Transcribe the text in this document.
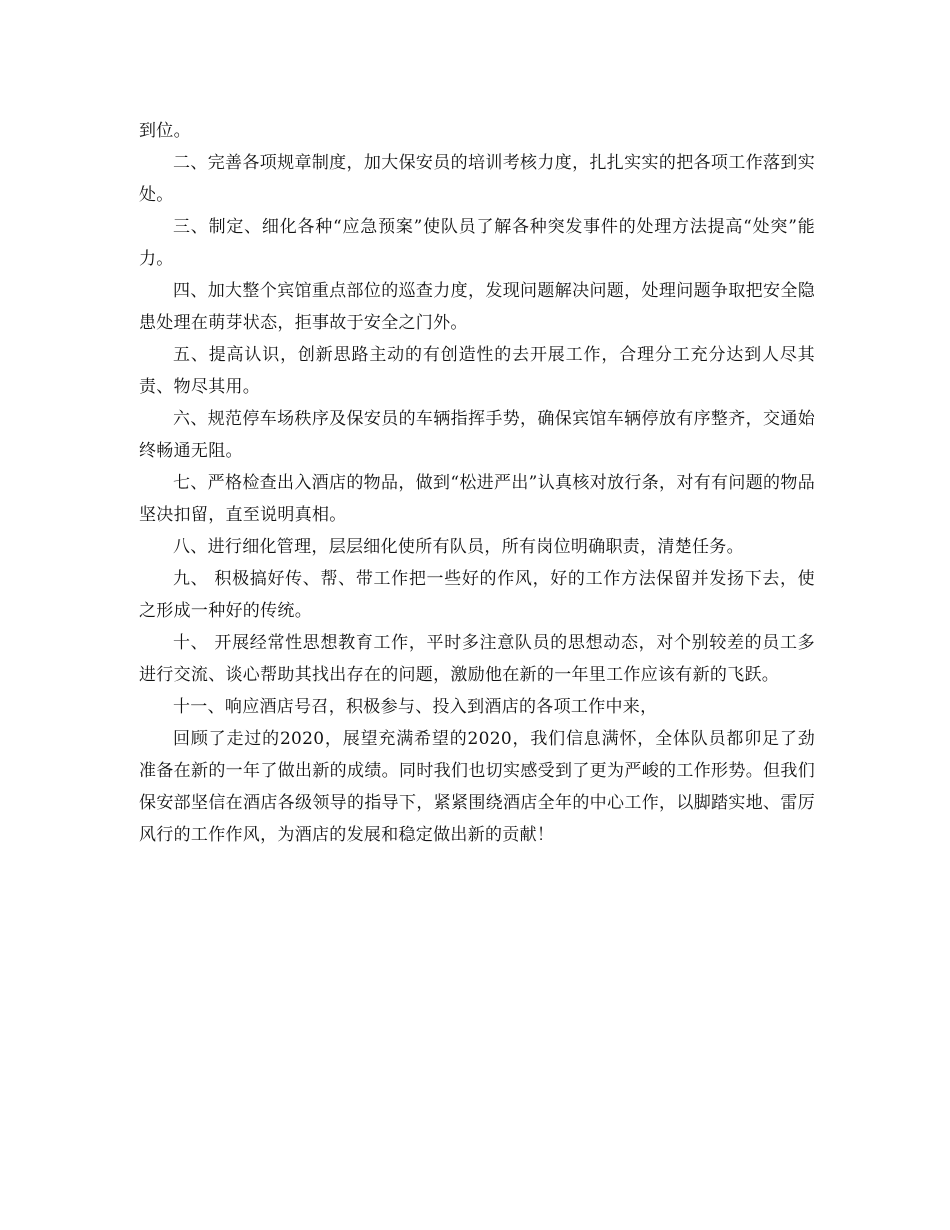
到位。

二、完善各项规章制度，加大保安员的培训考核力度，扎扎实实的把各项工作落到实处。

三、制定、细化各种“应急预案”使队员了解各种突发事件的处理方法提高“处突”能力。

四、加大整个宾馆重点部位的巡查力度，发现问题解决问题，处理问题争取把安全隐患处理在萌芽状态，拒事故于安全之门外。

五、提高认识，创新思路主动的有创造性的去开展工作，合理分工充分达到人尽其责、物尽其用。

六、规范停车场秩序及保安员的车辆指挥手势，确保宾馆车辆停放有序整齐，交通始终畅通无阻。

七、严格检查出入酒店的物品，做到“松进严出”认真核对放行条，对有有问题的物品坚决扣留，直至说明真相。

八、进行细化管理，层层细化使所有队员，所有岗位明确职责，清楚任务。

九、 积极搞好传、帮、带工作把一些好的作风，好的工作方法保留并发扬下去，使之形成一种好的传统。

十、 开展经常性思想教育工作，平时多注意队员的思想动态，对个别较差的员工多进行交流、谈心帮助其找出存在的问题，激励他在新的一年里工作应该有新的飞跃。

十一、响应酒店号召，积极参与、投入到酒店的各项工作中来，

回顾了走过的2020，展望充满希望的2020，我们信息满怀，全体队员都卯足了劲准备在新的一年了做出新的成绩。同时我们也切实感受到了更为严峻的工作形势。但我们保安部坚信在酒店各级领导的指导下，紧紧围绕酒店全年的中心工作，以脚踏实地、雷厉风行的工作作风，为酒店的发展和稳定做出新的贡献！
